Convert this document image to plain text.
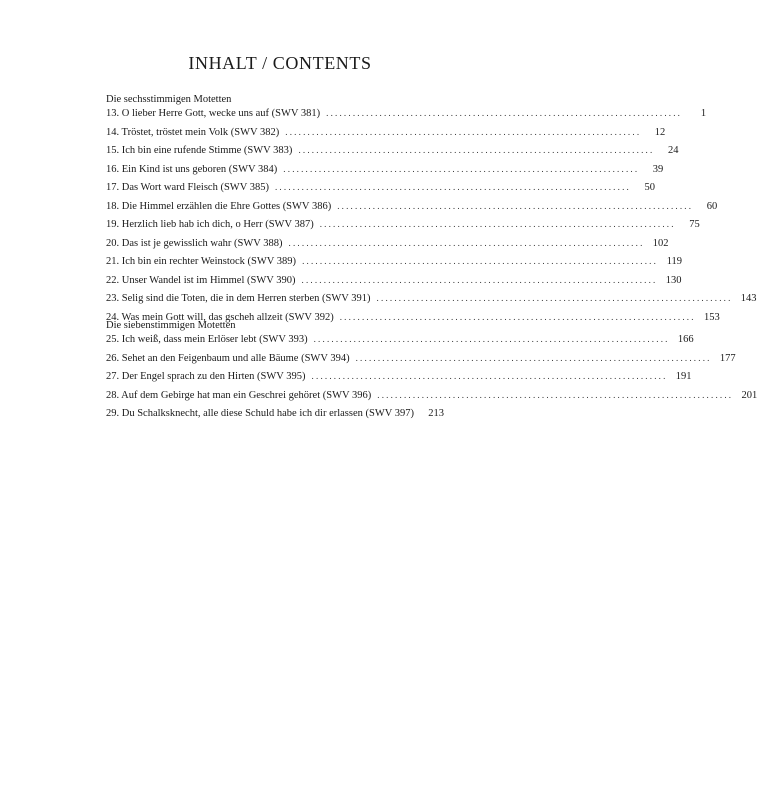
INHALT / CONTENTS
Die sechsstimmigen Motetten
13. O lieber Herre Gott, wecke uns auf (SWV 381) ................................................................................	1
14. Tröstet, tröstet mein Volk (SWV 382) ................................................................................	12
15. Ich bin eine rufende Stimme (SWV 383) ................................................................................	24
16. Ein Kind ist uns geboren (SWV 384) ................................................................................	39
17. Das Wort ward Fleisch (SWV 385) ................................................................................	50
18. Die Himmel erzählen die Ehre Gottes (SWV 386) ................................................................................	60
19. Herzlich lieb hab ich dich, o Herr (SWV 387) ................................................................................	75
20. Das ist je gewisslich wahr (SWV 388) ................................................................................ 102
21. Ich bin ein rechter Weinstock (SWV 389) ................................................................................ 119
22. Unser Wandel ist im Himmel (SWV 390) ................................................................................ 130
23. Selig sind die Toten, die in dem Herren sterben (SWV 391) ................................................................................ 143
24. Was mein Gott will, das gscheh allzeit (SWV 392) ................................................................................ 153
Die siebenstimmigen Motetten
25. Ich weiß, dass mein Erlöser lebt (SWV 393) ................................................................................ 166
26. Sehet an den Feigenbaum und alle Bäume (SWV 394) ................................................................................ 177
27. Der Engel sprach zu den Hirten (SWV 395) ................................................................................ 191
28. Auf dem Gebirge hat man ein Geschrei gehöret (SWV 396) ................................................................................ 201
29. Du Schalksknecht, alle diese Schuld habe ich dir erlassen (SWV 397)	213
